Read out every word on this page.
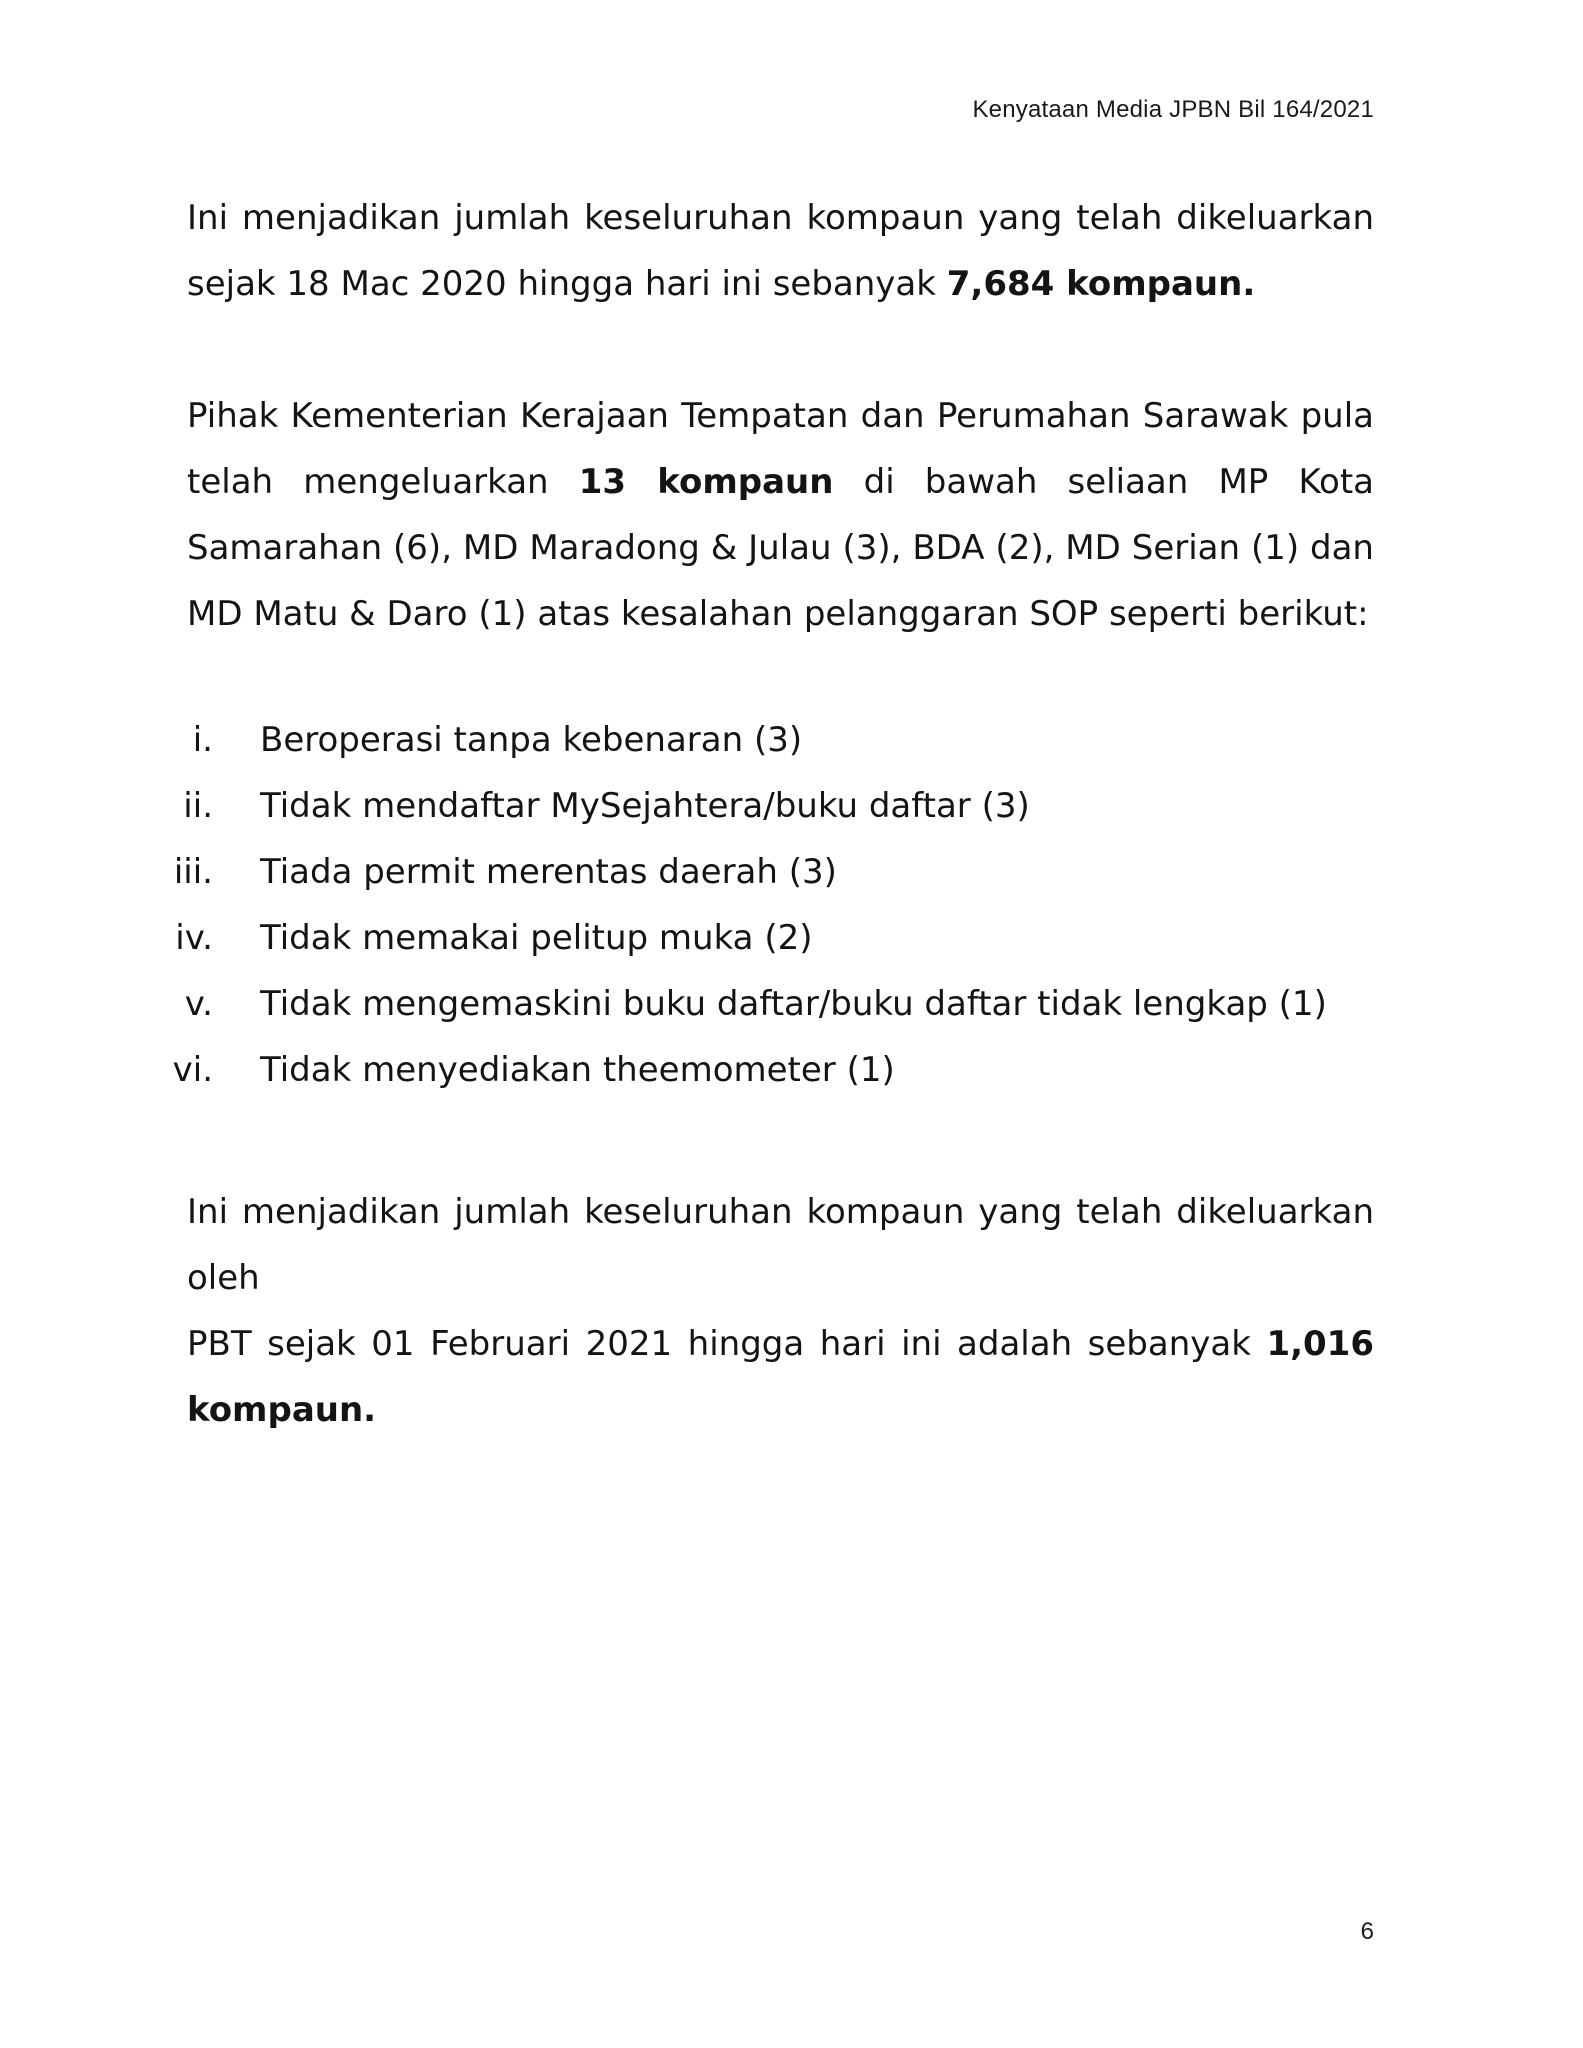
Kenyataan Media JPBN Bil 164/2021

Ini menjadikan jumlah keseluruhan kompaun yang telah dikeluarkan sejak 18 Mac 2020 hingga hari ini sebanyak 7,684 kompaun.

Pihak Kementerian Kerajaan Tempatan dan Perumahan Sarawak pula telah mengeluarkan 13 kompaun di bawah seliaan MP Kota Samarahan (6), MD Maradong & Julau (3), BDA (2), MD Serian (1) dan MD Matu & Daro (1) atas kesalahan pelanggaran SOP seperti berikut:

i. Beroperasi tanpa kebenaran (3)
ii. Tidak mendaftar MySejahtera/buku daftar (3)
iii. Tiada permit merentas daerah (3)
iv. Tidak memakai pelitup muka (2)
v. Tidak mengemaskini buku daftar/buku daftar tidak lengkap (1)
vi. Tidak menyediakan theemometer (1)

Ini menjadikan jumlah keseluruhan kompaun yang telah dikeluarkan oleh
PBT sejak 01 Februari 2021 hingga hari ini adalah sebanyak 1,016
kompaun.

6
